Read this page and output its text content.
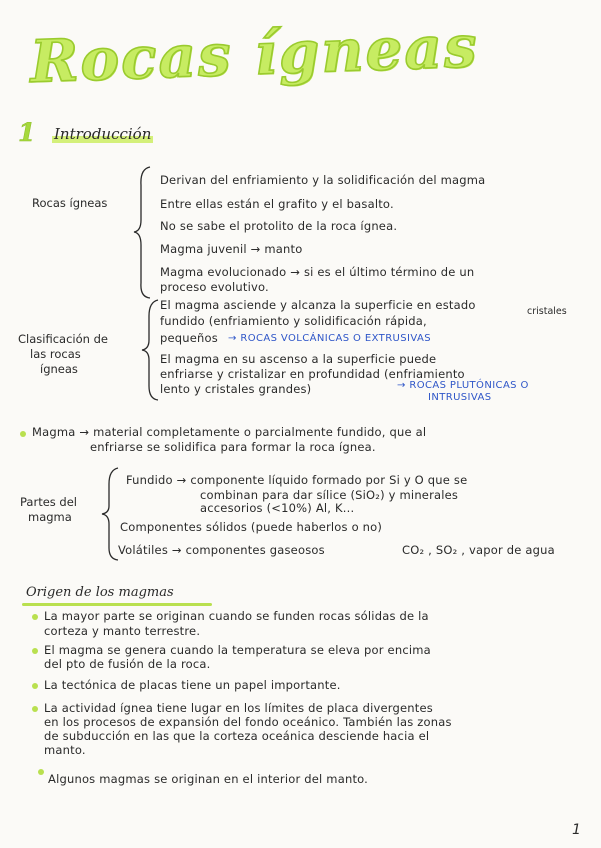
Rocas ígneas
1 Introducción
Rocas ígneas
Derivan del enfriamiento y la solidificación del magma
Entre ellas están el grafito y el basalto.
No se sabe el protolito de la roca ígnea.
Magma juvenil → manto
Magma evolucionado → si es el último término de un
proceso evolutivo.
Clasificación de
las rocas
ígneas
El magma asciende y alcanza la superficie en estado
fundido (enfriamiento y solidificación rápida,
cristales
pequeños → ROCAS VOLCÁNICAS O EXTRUSIVAS
El magma en su ascenso a la superficie puede
enfriarse y cristalizar en profundidad (enfriamiento
lento y cristales grandes)	→ ROCAS PLUTÓNICAS O
INTRUSIVAS
Magma → material completamente o parcialmente fundido, que al
enfriarse se solidifica para formar la roca ígnea.
Partes del
magma
Fundido → componente líquido formado por Si y O que se
combinan para dar sílice (SiO₂) y minerales
accesorios (<10%) Al, K...
Componentes sólidos (puede haberlos o no)
Volátiles → componentes gaseosos	CO₂ , SO₂ , vapor de agua
Origen de los magmas
La mayor parte se originan cuando se funden rocas sólidas de la
corteza y manto terrestre.
El magma se genera cuando la temperatura se eleva por encima
del pto de fusión de la roca.
La tectónica de placas tiene un papel importante.
La actividad ígnea tiene lugar en los límites de placa divergentes
en los procesos de expansión del fondo oceánico. También las zonas
de subducción en las que la corteza oceánica desciende hacia el
manto.
Algunos magmas se originan en el interior del manto.
1
